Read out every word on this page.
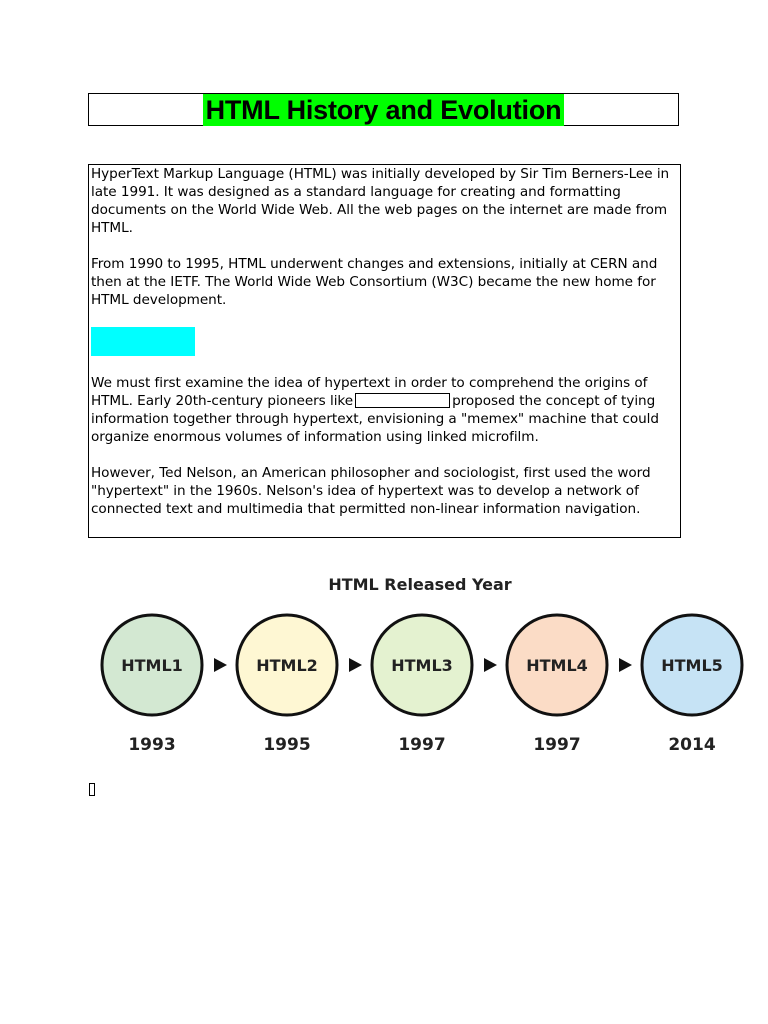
HTML History and Evolution

HyperText Markup Language (HTML) was initially developed by Sir Tim Berners-Lee in late 1991. It was designed as a standard language for creating and formatting documents on the World Wide Web. All the web pages on the internet are made from HTML.

From 1990 to 1995, HTML underwent changes and extensions, initially at CERN and then at the IETF. The World Wide Web Consortium (W3C) became the new home for HTML development.

We must first examine the idea of hypertext in order to comprehend the origins of HTML. Early 20th-century pioneers like	proposed the concept of tying information together through hypertext, envisioning a "memex" machine that could organize enormous volumes of information using linked microfilm.

However, Ted Nelson, an American philosopher and sociologist, first used the word "hypertext" in the 1960s. Nelson's idea of hypertext was to develop a network of connected text and multimedia that permitted non-linear information navigation.

HTML Released Year
HTML1
1993
HTML2
1995
HTML3
1997
HTML4
1997
HTML5
2014
